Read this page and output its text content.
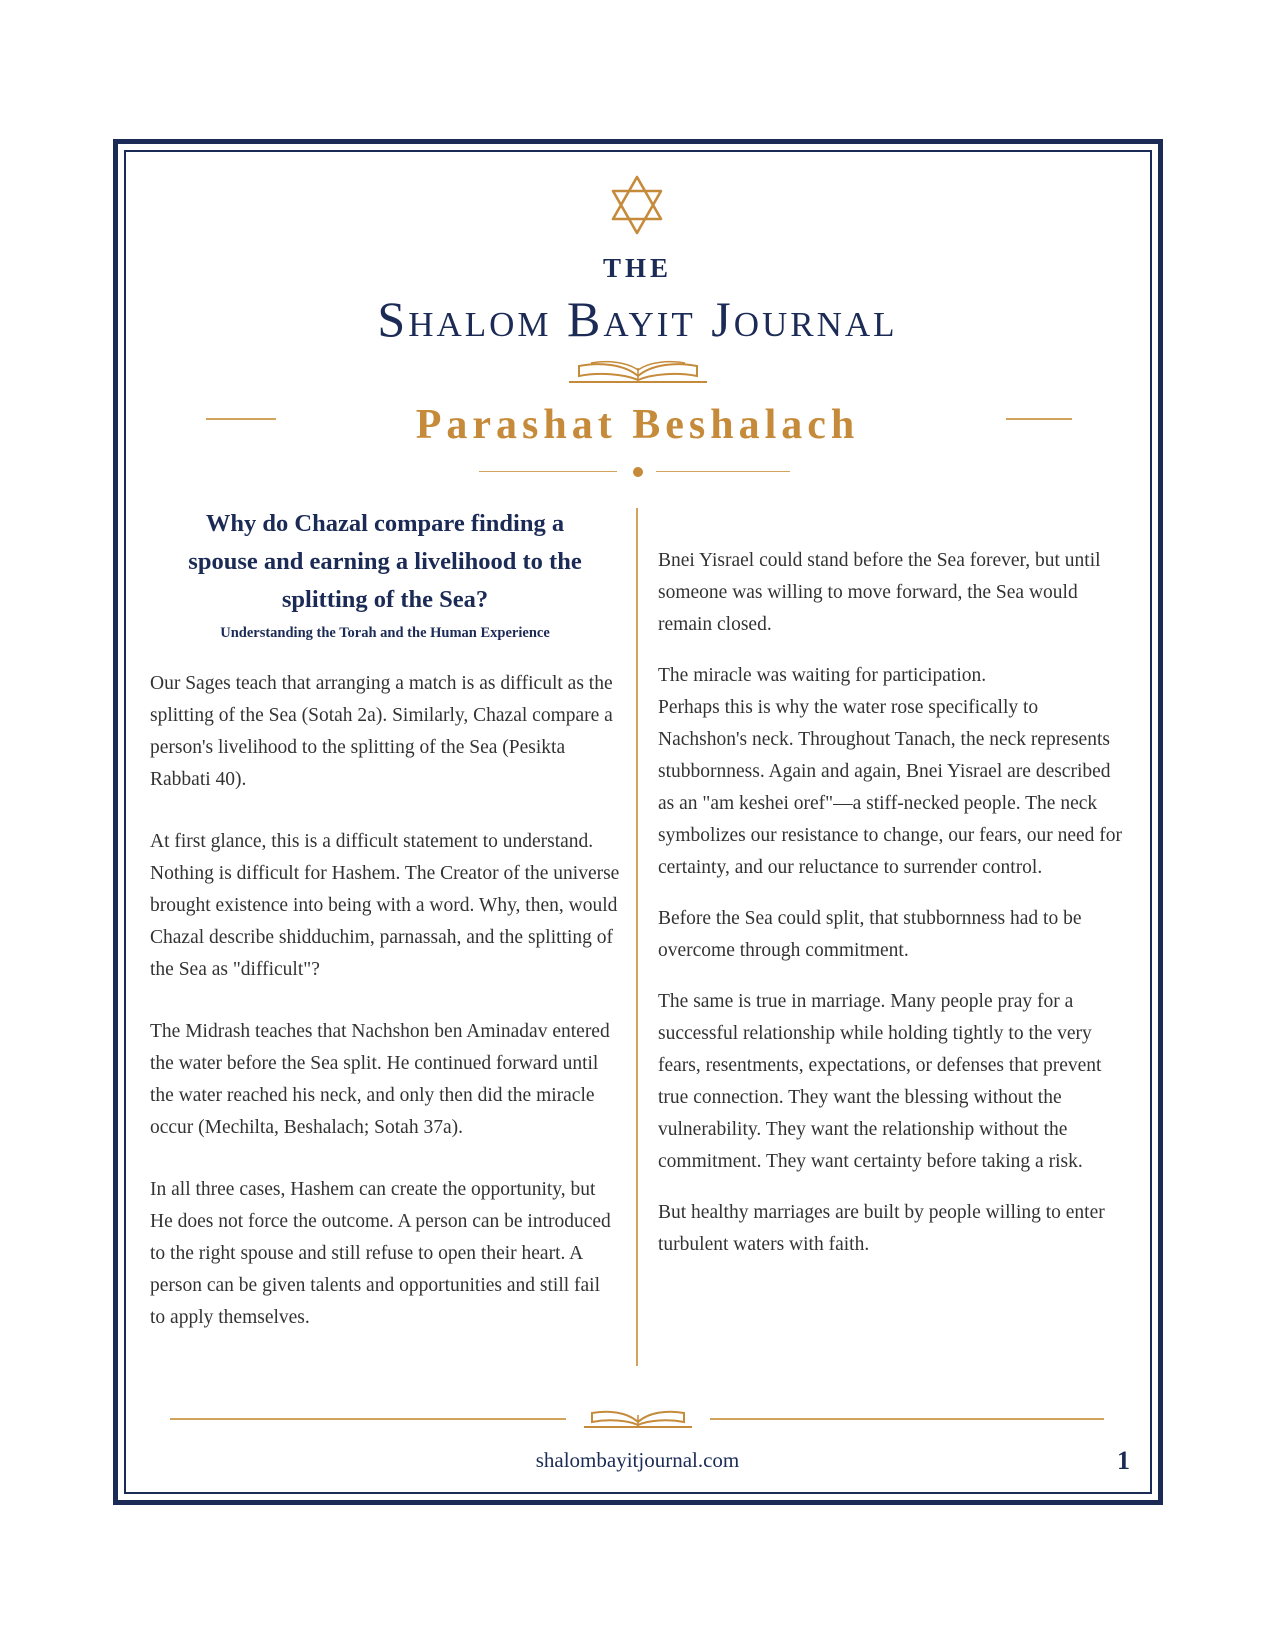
THE
Shalom Bayit Journal
Parashat Beshalach
Why do Chazal compare finding a spouse and earning a livelihood to the splitting of the Sea?
Understanding the Torah and the Human Experience

Our Sages teach that arranging a match is as difficult as the splitting of the Sea (Sotah 2a). Similarly, Chazal compare a person's livelihood to the splitting of the Sea (Pesikta Rabbati 40).

At first glance, this is a difficult statement to understand. Nothing is difficult for Hashem. The Creator of the universe brought existence into being with a word. Why, then, would Chazal describe shidduchim, parnassah, and the splitting of the Sea as "difficult"?

The Midrash teaches that Nachshon ben Aminadav entered the water before the Sea split. He continued forward until the water reached his neck, and only then did the miracle occur (Mechilta, Beshalach; Sotah 37a).

In all three cases, Hashem can create the opportunity, but He does not force the outcome. A person can be introduced to the right spouse and still refuse to open their heart. A person can be given talents and opportunities and still fail to apply themselves.

Bnei Yisrael could stand before the Sea forever, but until someone was willing to move forward, the Sea would remain closed.

The miracle was waiting for participation.

Perhaps this is why the water rose specifically to Nachshon's neck. Throughout Tanach, the neck represents stubbornness. Again and again, Bnei Yisrael are described as an "am keshei oref"—a stiff-necked people. The neck symbolizes our resistance to change, our fears, our need for certainty, and our reluctance to surrender control.

Before the Sea could split, that stubbornness had to be overcome through commitment.

The same is true in marriage. Many people pray for a successful relationship while holding tightly to the very fears, resentments, expectations, or defenses that prevent true connection. They want the blessing without the vulnerability. They want the relationship without the commitment. They want certainty before taking a risk.

But healthy marriages are built by people willing to enter turbulent waters with faith.

shalombayitjournal.com	1
